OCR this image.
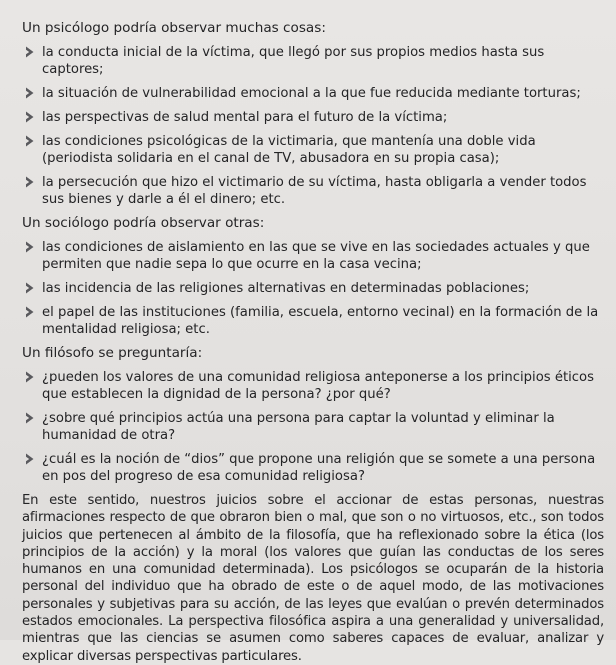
Un psicólogo podría observar muchas cosas:

la conducta inicial de la víctima, que llegó por sus propios medios hasta sus captores;
la situación de vulnerabilidad emocional a la que fue reducida mediante torturas;
las perspectivas de salud mental para el futuro de la víctima;
las condiciones psicológicas de la victimaria, que mantenía una doble vida (periodista solidaria en el canal de TV, abusadora en su propia casa);
la persecución que hizo el victimario de su víctima, hasta obligarla a vender todos sus bienes y darle a él el dinero; etc.

Un sociólogo podría observar otras:

las condiciones de aislamiento en las que se vive en las sociedades actuales y que permiten que nadie sepa lo que ocurre en la casa vecina;
las incidencia de las religiones alternativas en determinadas poblaciones;
el papel de las instituciones (familia, escuela, entorno vecinal) en la formación de la mentalidad religiosa; etc.

Un filósofo se preguntaría:

¿pueden los valores de una comunidad religiosa anteponerse a los principios éticos que establecen la dignidad de la persona? ¿por qué?
¿sobre qué principios actúa una persona para captar la voluntad y eliminar la humanidad de otra?
¿cuál es la noción de “dios” que propone una religión que se somete a una persona en pos del progreso de esa comunidad religiosa?

En este sentido, nuestros juicios sobre el accionar de estas personas, nuestras afirmaciones respecto de que obraron bien o mal, que son o no virtuosos, etc., son todos juicios que pertenecen al ámbito de la filosofía, que ha reflexionado sobre la ética (los principios de la acción) y la moral (los valores que guían las conductas de los seres humanos en una comunidad determinada). Los psicólogos se ocuparán de la historia personal del individuo que ha obrado de este o de aquel modo, de las motivaciones personales y subjetivas para su acción, de las leyes que evalúan o prevén determinados estados emocionales. La perspectiva filosófica aspira a una generalidad y universalidad, mientras que las ciencias se asumen como saberes capaces de evaluar, analizar y explicar diversas perspectivas particulares.
